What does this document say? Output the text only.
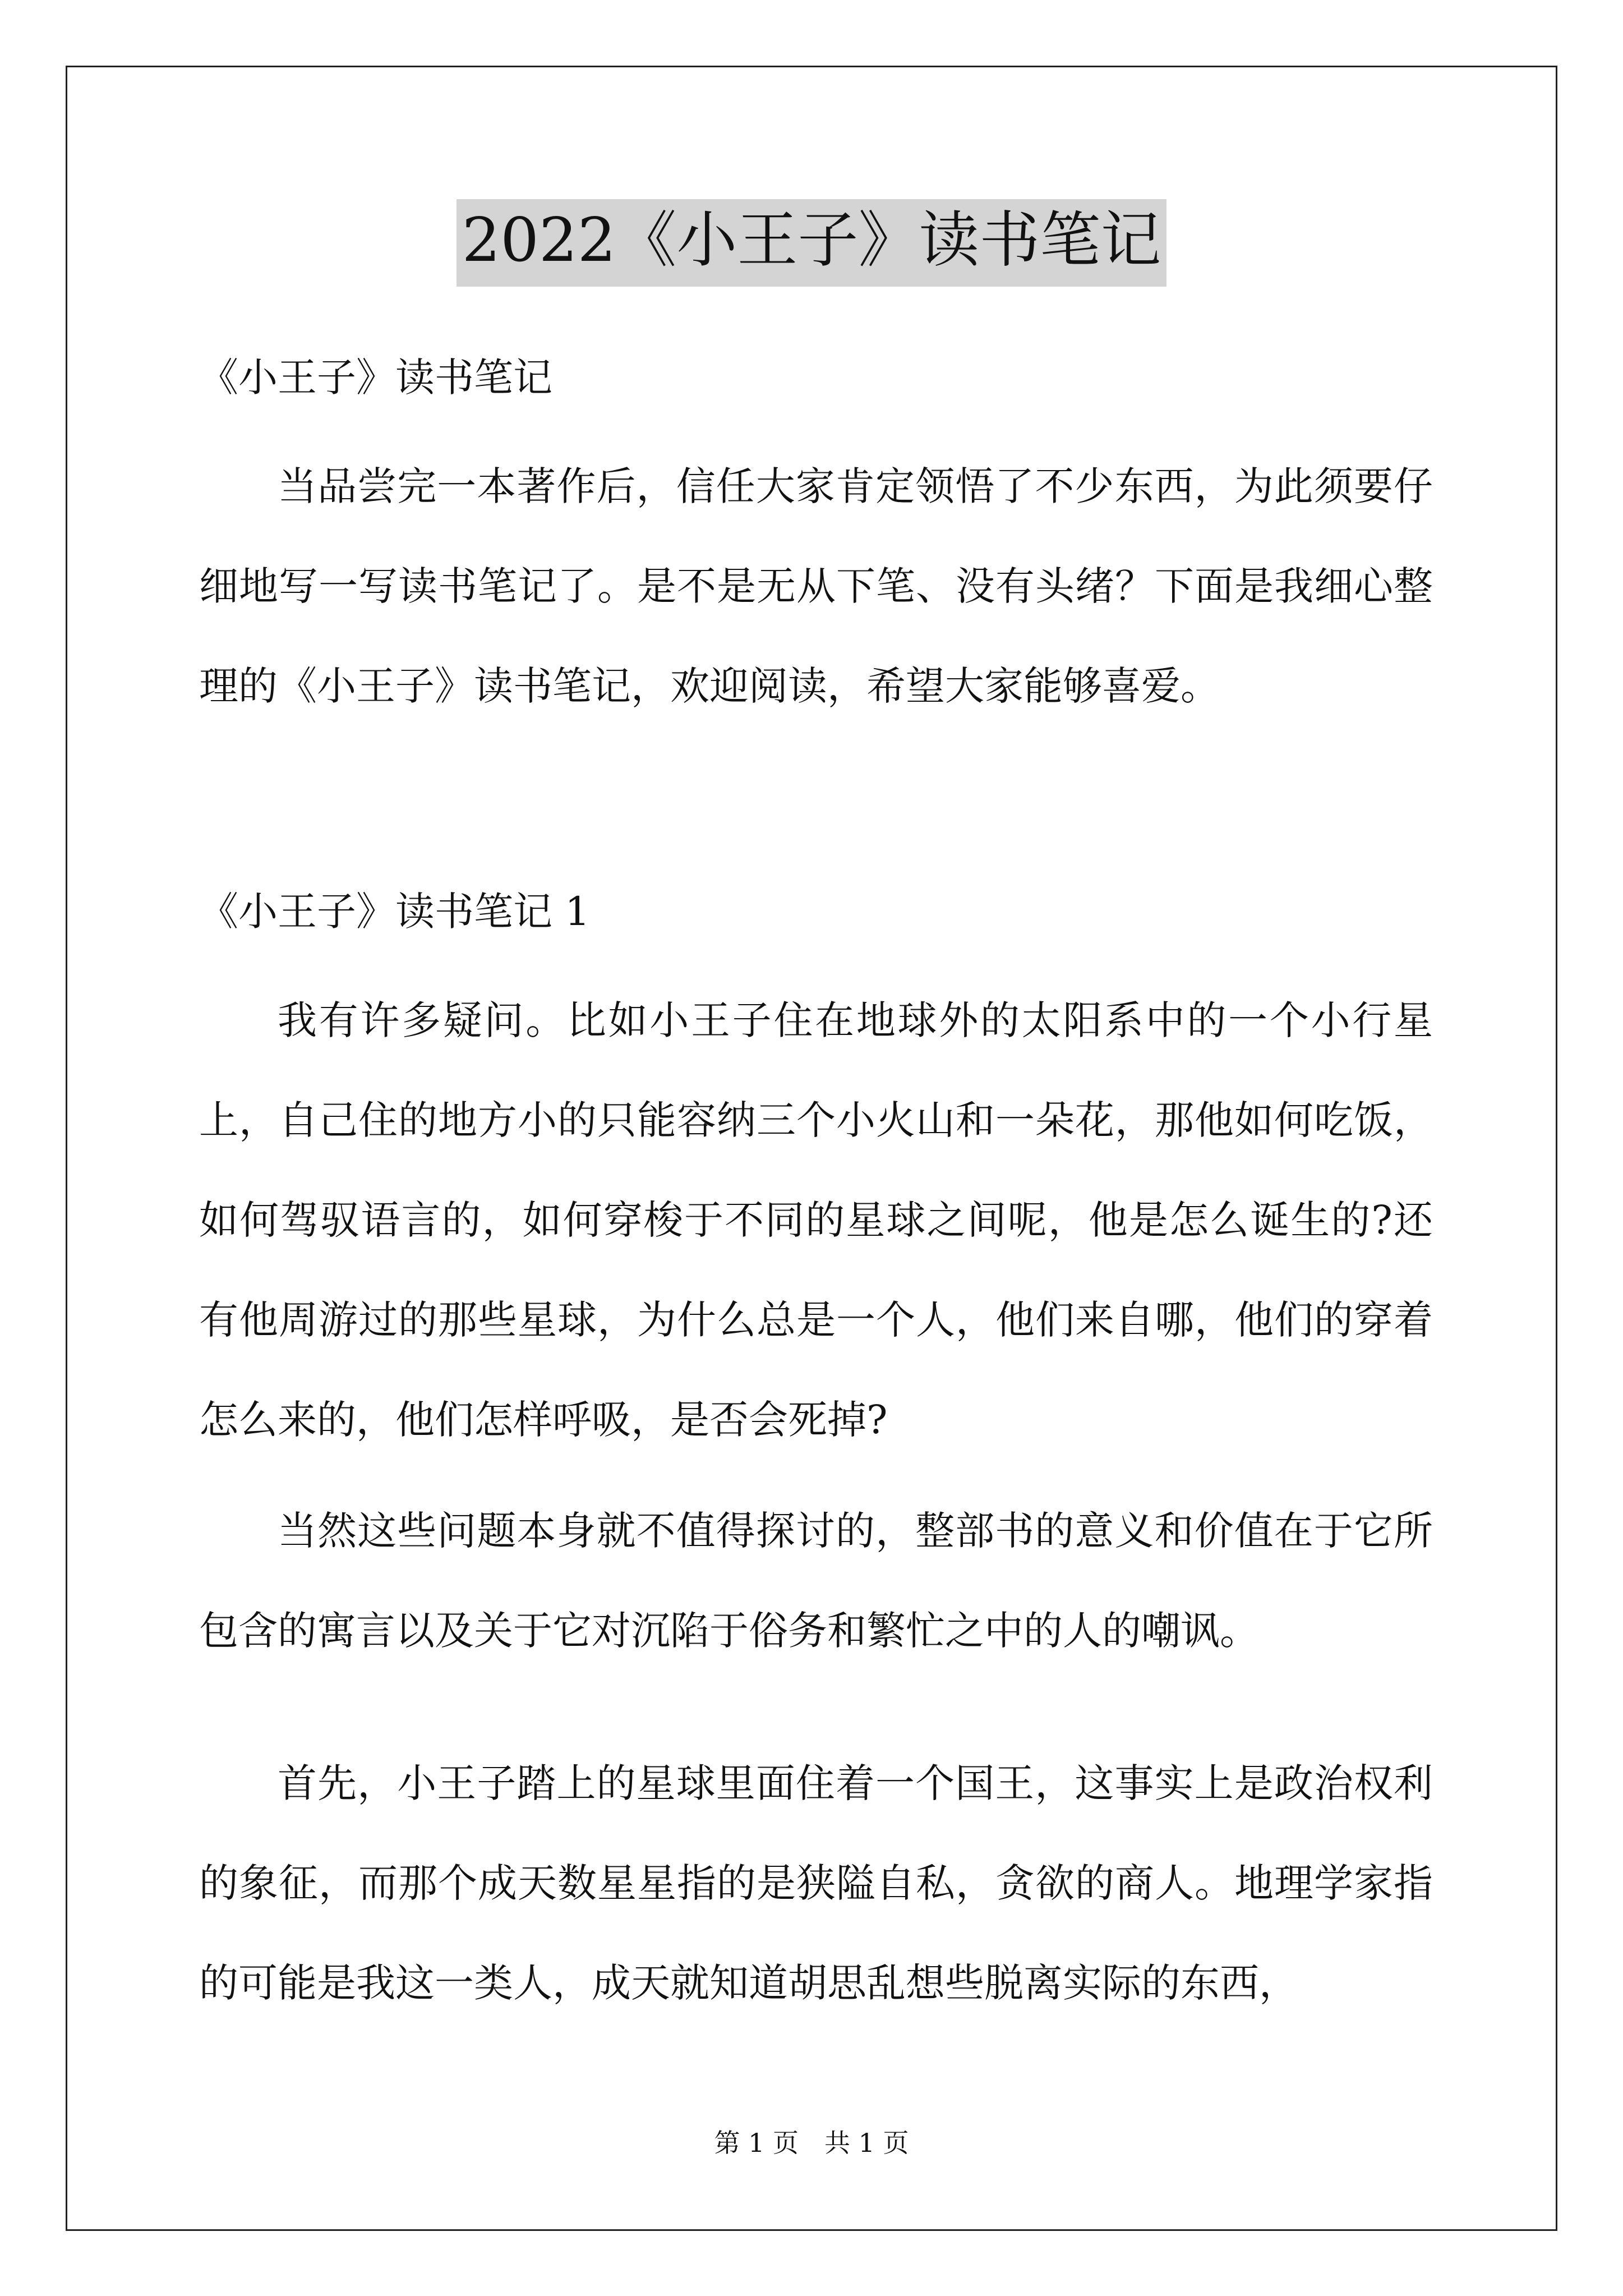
2022《小王子》读书笔记
《小王子》读书笔记

当品尝完一本著作后，信任大家肯定领悟了不少东西，为此须要仔细地写一写读书笔记了。是不是无从下笔、没有头绪？下面是我细心整理的《小王子》读书笔记，欢迎阅读，希望大家能够喜爱。

《小王子》读书笔记 1

我有许多疑问。比如小王子住在地球外的太阳系中的一个小行星上，自己住的地方小的只能容纳三个小火山和一朵花，那他如何吃饭，如何驾驭语言的，如何穿梭于不同的星球之间呢，他是怎么诞生的?还有他周游过的那些星球，为什么总是一个人，他们来自哪，他们的穿着怎么来的，他们怎样呼吸，是否会死掉?

当然这些问题本身就不值得探讨的，整部书的意义和价值在于它所包含的寓言以及关于它对沉陷于俗务和繁忙之中的人的嘲讽。

首先，小王子踏上的星球里面住着一个国王，这事实上是政治权利的象征，而那个成天数星星指的是狭隘自私，贪欲的商人。地理学家指的可能是我这一类人，成天就知道胡思乱想些脱离实际的东西，

第 1 页　共 1 页
